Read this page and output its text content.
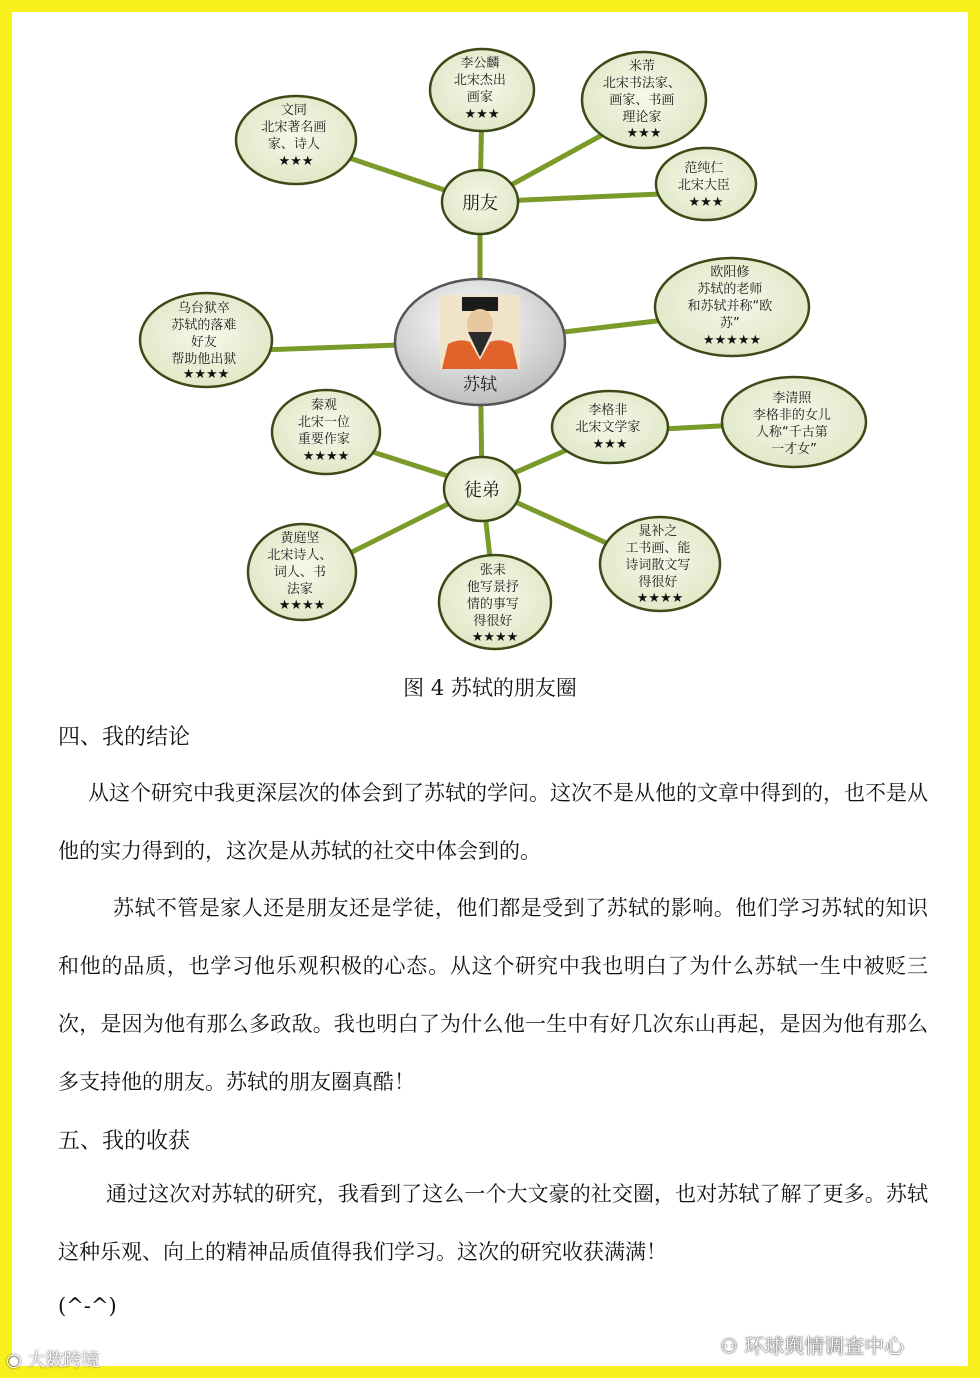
苏轼
朋友
徒弟
文同 北宋著名画 家、诗人 ★★★
李公麟 北宋杰出 画家 ★★★
米芾 北宋书法家、 画家、书画 理论家 ★★★
范纯仁 北宋大臣 ★★★
欧阳修 苏轼的老师 和苏轼并称“欧 苏” ★★★★★
乌台狱卒 苏轼的落难 好友 帮助他出狱 ★★★★
秦观 北宋一位 重要作家 ★★★★
李格非 北宋文学家 ★★★
李清照 李格非的女儿 人称“千古第 一才女”
黄庭坚 北宋诗人、 词人、书 法家 ★★★★
张耒 他写景抒 情的事写 得很好 ★★★★
晁补之 工书画、能 诗词散文写 得很好 ★★★★
图 4 苏轼的朋友圈
四、我的结论
从这个研究中我更深层次的体会到了苏轼的学问。这次不是从他的文章中得到的，也不是从他的实力得到的，这次是从苏轼的社交中体会到的。
苏轼不管是家人还是朋友还是学徒，他们都是受到了苏轼的影响。他们学习苏轼的知识和他的品质，也学习他乐观积极的心态。从这个研究中我也明白了为什么苏轼一生中被贬三次，是因为他有那么多政敌。我也明白了为什么他一生中有好几次东山再起，是因为他有那么多支持他的朋友。苏轼的朋友圈真酷！
五、我的收获
通过这次对苏轼的研究，我看到了这么一个大文豪的社交圈，也对苏轼了解了更多。苏轼这种乐观、向上的精神品质值得我们学习。这次的研究收获满满！
(^-^)
⚇ 环球舆情调查中心
◉ 大数跨境
